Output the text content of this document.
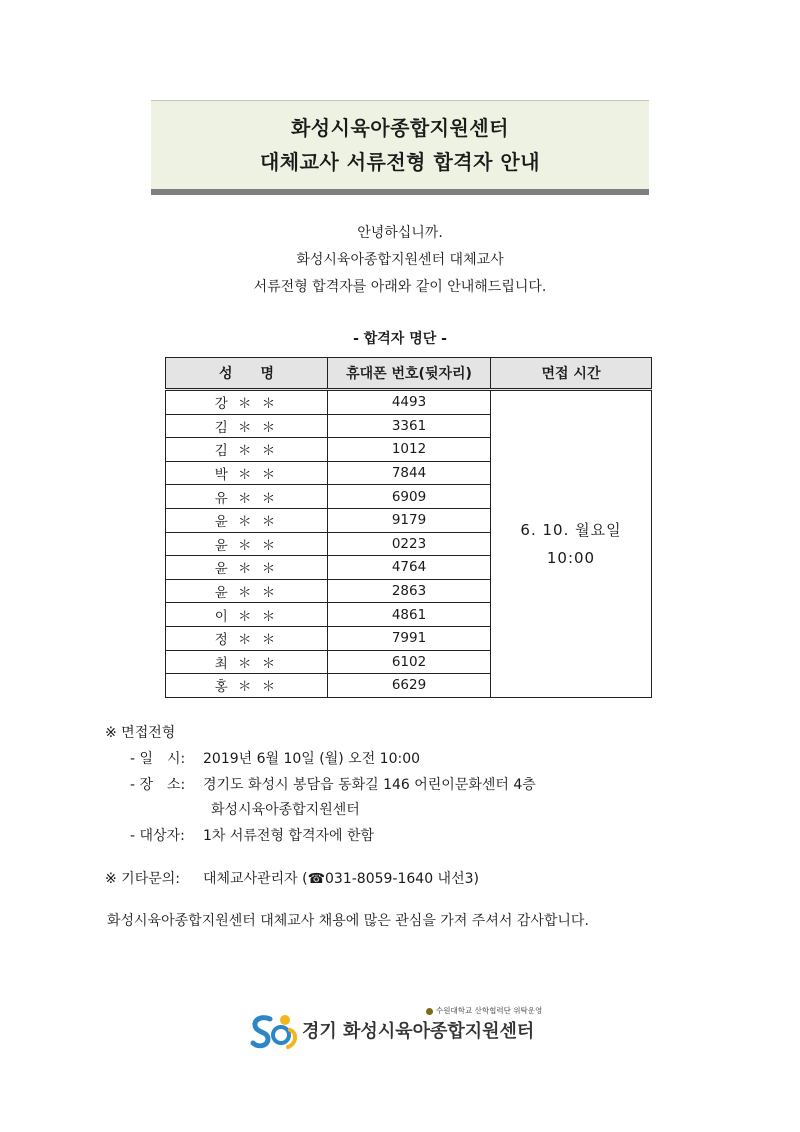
화성시육아종합지원센터
대체교사 서류전형 합격자 안내
안녕하십니까.
화성시육아종합지원센터 대체교사
서류전형 합격자를 아래와 같이 안내해드립니다.
- 합격자 명단 -
성　　명	휴대폰 번호(뒷자리)	면접 시간
강 ＊ ＊	4493	6. 10. 월요일
10:00

김 ＊ ＊	3361	
김 ＊ ＊	1012	
박 ＊ ＊	7844	
유 ＊ ＊	6909	
윤 ＊ ＊	9179	
윤 ＊ ＊	0223	
윤 ＊ ＊	4764	
윤 ＊ ＊	2863	
이 ＊ ＊	4861	
정 ＊ ＊	7991	
최 ＊ ＊	6102	
홍 ＊ ＊	6629	
※ 면접전형
- 일　시: 2019년 6월 10일 (월) 오전 10:00
- 장　소: 경기도 화성시 봉담읍 동화길 146 어린이문화센터 4층
화성시육아종합지원센터
- 대상자: 1차 서류전형 합격자에 한함
※ 기타문의: 대체교사관리자 (☎031-8059-1640 내선3)
화성시육아종합지원센터 대체교사 채용에 많은 관심을 가져 주셔서 감사합니다.
수원대학교 산학협력단 위탁운영
경기 화성시육아종합지원센터
